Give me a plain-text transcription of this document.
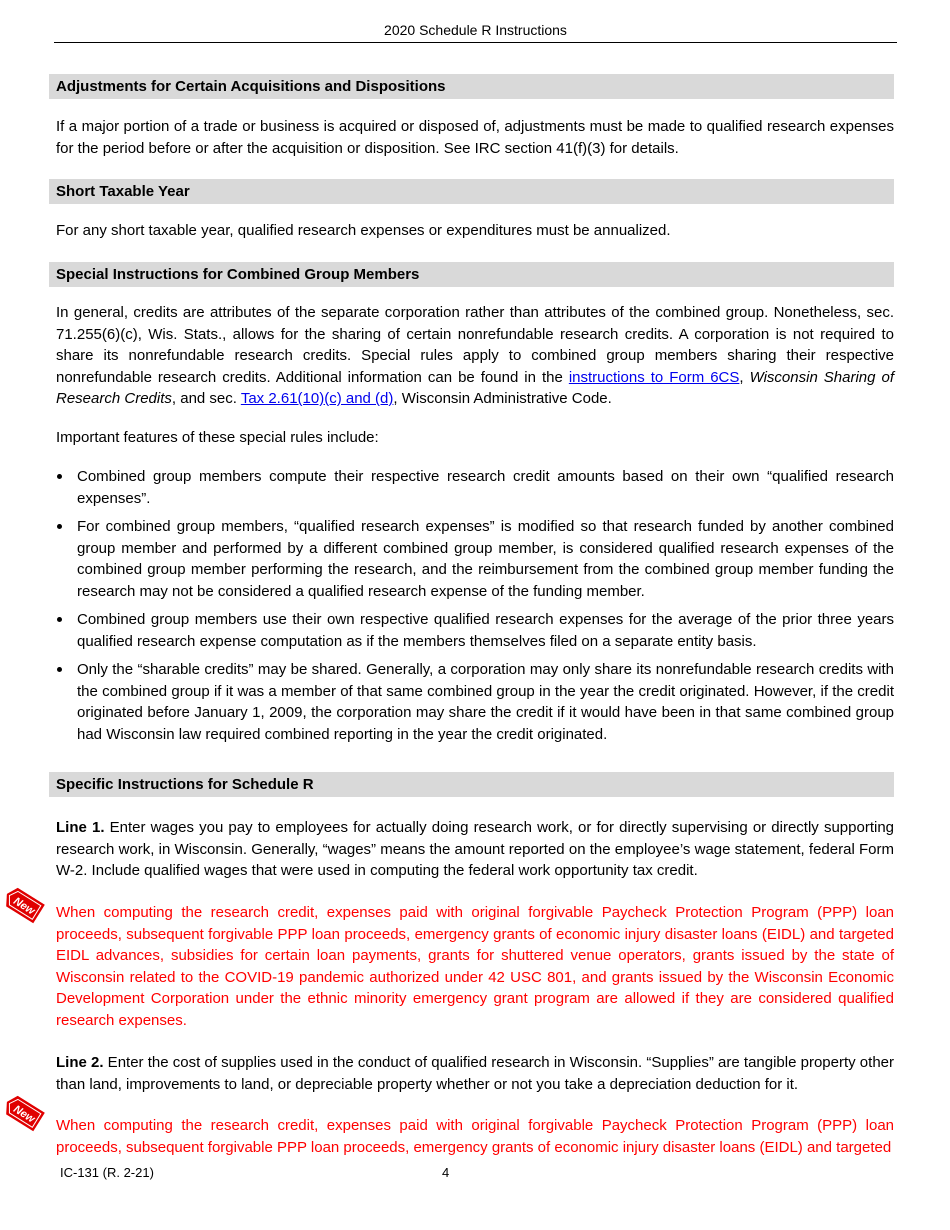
2020 Schedule R Instructions
Adjustments for Certain Acquisitions and Dispositions

If a major portion of a trade or business is acquired or disposed of, adjustments must be made to qualified research expenses for the period before or after the acquisition or disposition. See IRC section 41(f)(3) for details.

Short Taxable Year

For any short taxable year, qualified research expenses or expenditures must be annualized.

Special Instructions for Combined Group Members

In general, credits are attributes of the separate corporation rather than attributes of the combined group. Nonetheless, sec. 71.255(6)(c), Wis. Stats., allows for the sharing of certain nonrefundable research credits. A corporation is not required to share its nonrefundable research credits. Special rules apply to combined group members sharing their respective nonrefundable research credits. Additional information can be found in the instructions to Form 6CS, Wisconsin Sharing of Research Credits, and sec. Tax 2.61(10)(c) and (d), Wisconsin Administrative Code.

Important features of these special rules include:

Combined group members compute their respective research credit amounts based on their own “qualified research expenses”.
For combined group members, “qualified research expenses” is modified so that research funded by another combined group member and performed by a different combined group member, is considered qualified research expenses of the combined group member performing the research, and the reimbursement from the combined group member funding the research may not be considered a qualified research expense of the funding member.
Combined group members use their own respective qualified research expenses for the average of the prior three years qualified research expense computation as if the members themselves filed on a separate entity basis.
Only the “sharable credits” may be shared. Generally, a corporation may only share its nonrefundable research credits with the combined group if it was a member of that same combined group in the year the credit originated. However, if the credit originated before January 1, 2009, the corporation may share the credit if it would have been in that same combined group had Wisconsin law required combined reporting in the year the credit originated.
Specific Instructions for Schedule R

Line 1. Enter wages you pay to employees for actually doing research work, or for directly supervising or directly supporting research work, in Wisconsin. Generally, “wages” means the amount reported on the employee’s wage statement, federal Form W-2. Include qualified wages that were used in computing the federal work opportunity tax credit.

New When computing the research credit, expenses paid with original forgivable Paycheck Protection Program (PPP) loan proceeds, subsequent forgivable PPP loan proceeds, emergency grants of economic injury disaster loans (EIDL) and targeted EIDL advances, subsidies for certain loan payments, grants for shuttered venue operators, grants issued by the state of Wisconsin related to the COVID-19 pandemic authorized under 42 USC 801, and grants issued by the Wisconsin Economic Development Corporation under the ethnic minority emergency grant program are allowed if they are considered qualified research expenses.

Line 2. Enter the cost of supplies used in the conduct of qualified research in Wisconsin. “Supplies” are tangible property other than land, improvements to land, or depreciable property whether or not you take a depreciation deduction for it.

New

When computing the research credit, expenses paid with original forgivable Paycheck Protection Program (PPP) loan proceeds, subsequent forgivable PPP loan proceeds, emergency grants of economic injury disaster loans (EIDL) and targeted

IC-131 (R. 2-21)	4
